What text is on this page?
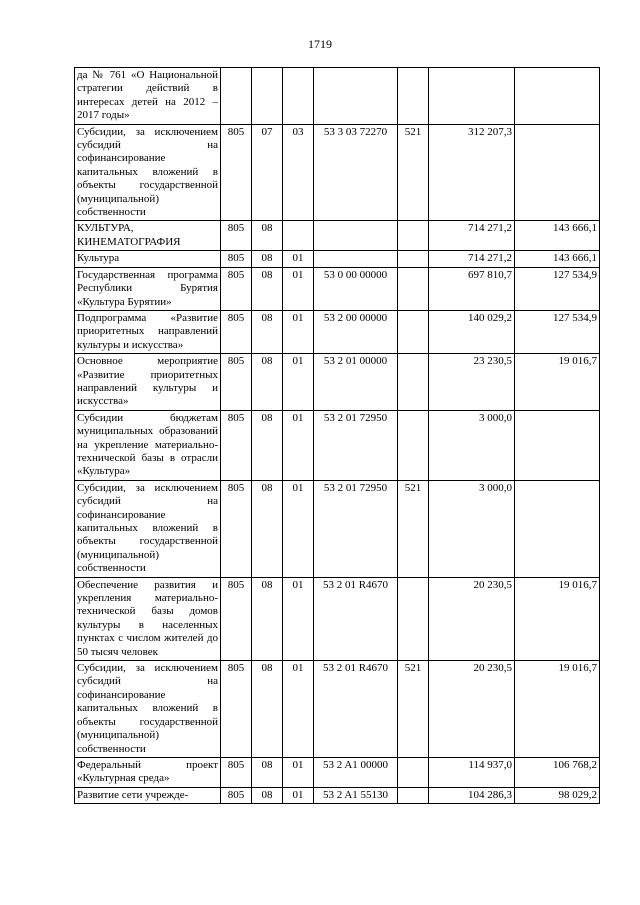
1719
да № 761 «О Национальной стратегии действий в интересах детей на 2012 – 2017 годы»							
Субсидии, за исключением субсидий на софинансирование капитальных вложений в объекты государственной (муниципальной) собственности	805	07	03	53 3 03 72270	521	312 207,3	
КУЛЬТУРА, КИНЕМАТОГРАФИЯ	805	08				714 271,2	143 666,1
Культура	805	08	01			714 271,2	143 666,1
Государственная программа Республики Бурятия «Культура Бурятии»	805	08	01	53 0 00 00000		697 810,7	127 534,9
Подпрограмма «Развитие приоритетных направлений культуры и искусства»	805	08	01	53 2 00 00000		140 029,2	127 534,9
Основное мероприятие «Развитие приоритетных направлений культуры и искусства»	805	08	01	53 2 01 00000		23 230,5	19 016,7
Субсидии бюджетам муниципальных образований на укрепление материально-технической базы в отрасли «Культура»	805	08	01	53 2 01 72950		3 000,0	
Субсидии, за исключением субсидий на софинансирование капитальных вложений в объекты государственной (муниципальной) собственности	805	08	01	53 2 01 72950	521	3 000,0	
Обеспечение развития и укрепления материально-технической базы домов культуры в населенных пунктах с числом жителей до 50 тысяч человек	805	08	01	53 2 01 R4670		20 230,5	19 016,7
Субсидии, за исключением субсидий на софинансирование капитальных вложений в объекты государственной (муниципальной) собственности	805	08	01	53 2 01 R4670	521	20 230,5	19 016,7
Федеральный проект «Культурная среда»	805	08	01	53 2 A1 00000		114 937,0	106 768,2
Развитие сети учрежде-	805	08	01	53 2 A1 55130		104 286,3	98 029,2
